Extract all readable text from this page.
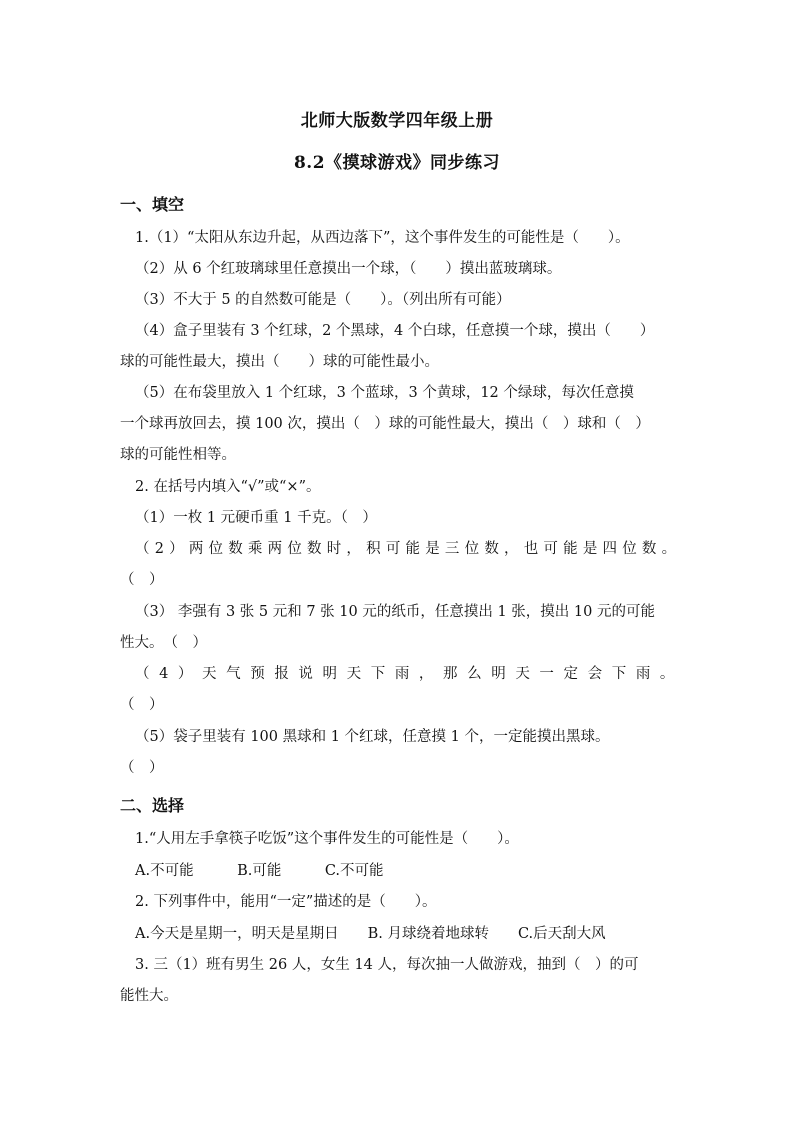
北师大版数学四年级上册
8.2《摸球游戏》同步练习
一、填空
1.（1）“太阳从东边升起，从西边落下”，这个事件发生的可能性是（　　）。
（2）从 6 个红玻璃球里任意摸出一个球，（　　）摸出蓝玻璃球。
（3）不大于 5 的自然数可能是（　　）。（列出所有可能）
（4）盒子里装有 3 个红球，2 个黑球，4 个白球，任意摸一个球，摸出（　　）
球的可能性最大，摸出（　　）球的可能性最小。
（5）在布袋里放入 1 个红球，3 个蓝球，3 个黄球，12 个绿球，每次任意摸
一个球再放回去，摸 100 次，摸出（　）球的可能性最大，摸出（　）球和（　）
球的可能性相等。
2. 在括号内填入“√”或“×”。
（1）一枚 1 元硬币重 1 千克。（　）
（2）两位数乘两位数时，积可能是三位数，也可能是四位数。
（　）
（3） 李强有 3 张 5 元和 7 张 10 元的纸币，任意摸出 1 张，摸出 10 元的可能
性大。　（　）
（4）天气预报说明天下雨，那么明天一定会下雨。
（　）
（5）袋子里装有 100 黑球和 1 个红球，任意摸 1 个，一定能摸出黑球。
（　）
二、选择
1.“人用左手拿筷子吃饭”这个事件发生的可能性是（　　）。
A.不可能　　　B.可能　　　C.不可能
2. 下列事件中，能用“一定”描述的是（　　）。
A.今天是星期一，明天是星期日　　B. 月球绕着地球转　　C.后天刮大风
3. 三（1）班有男生 26 人，女生 14 人，每次抽一人做游戏，抽到（　）的可
能性大。
